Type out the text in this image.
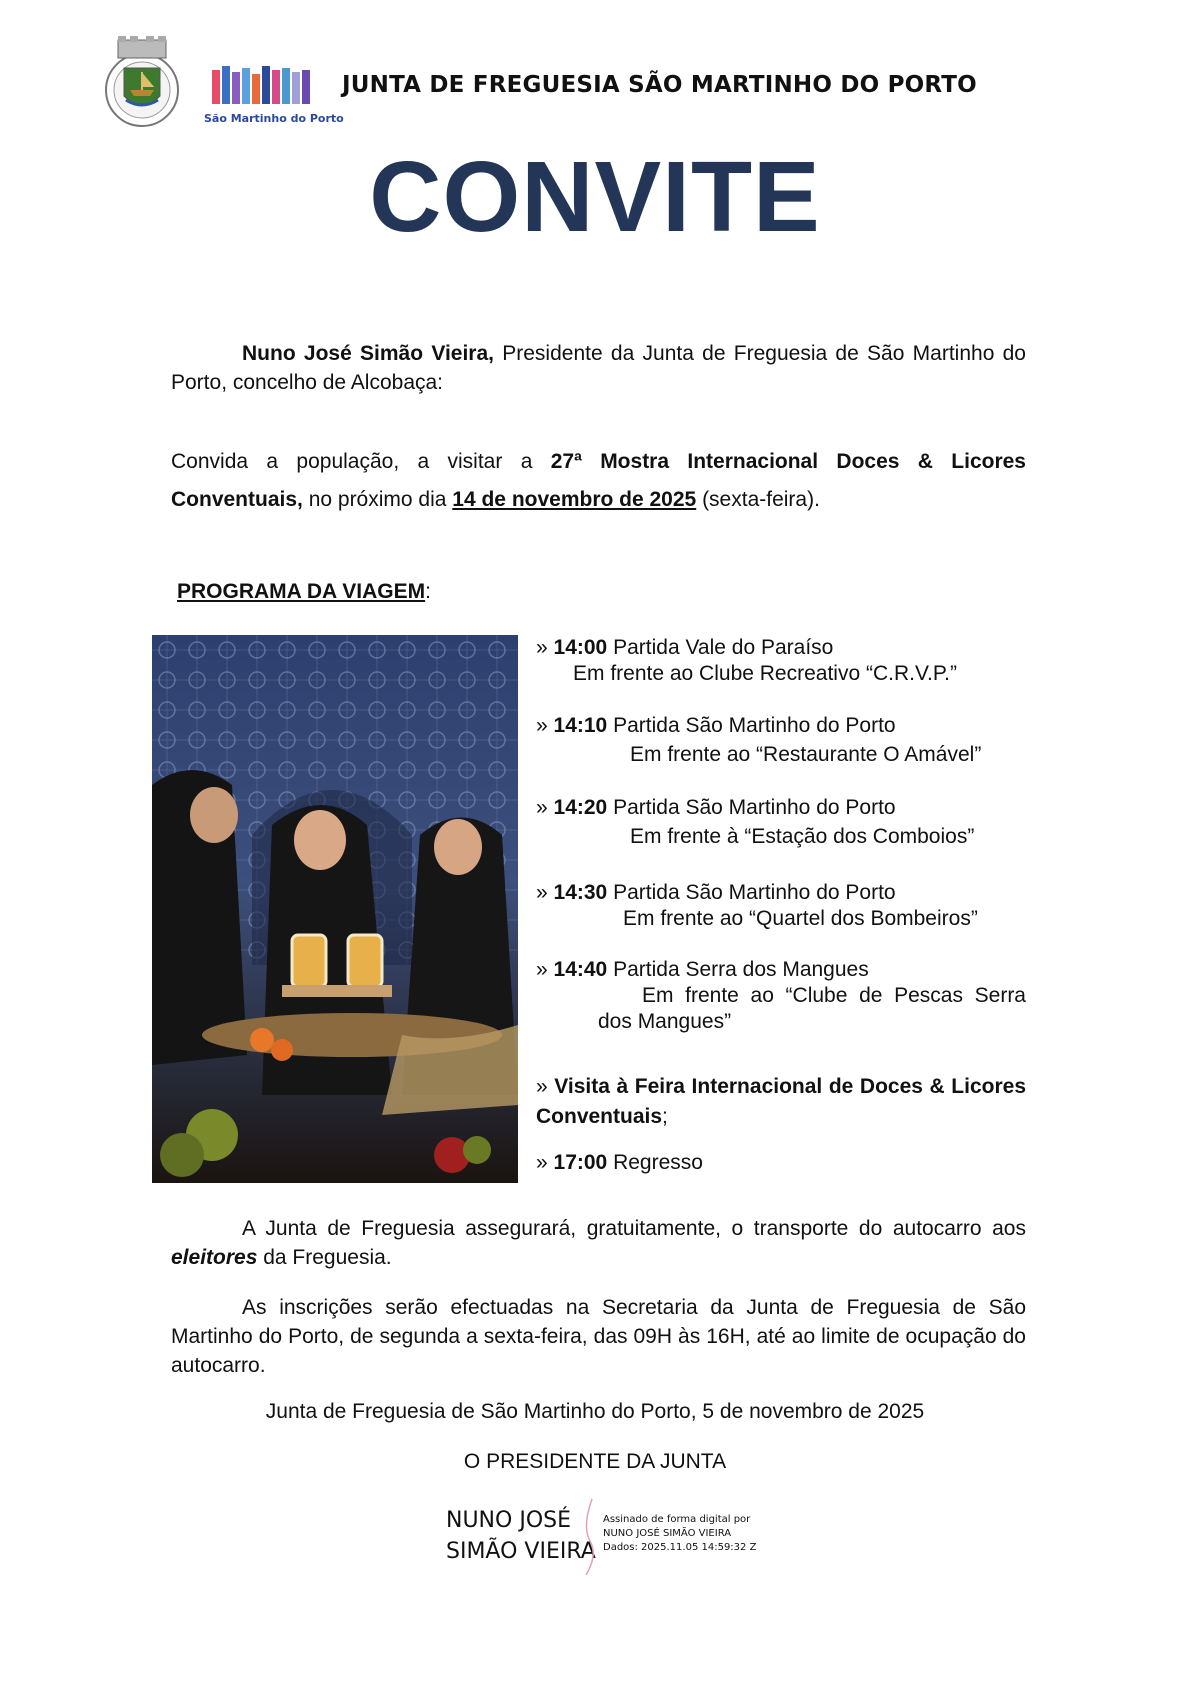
São Martinho do Porto
JUNTA DE FREGUESIA SÃO MARTINHO DO PORTO
CONVITE
Nuno José Simão Vieira, Presidente da Junta de Freguesia de São Martinho do Porto, concelho de Alcobaça:
Convida a população, a visitar a 27ª Mostra Internacional Doces & Licores Conventuais, no próximo dia 14 de novembro de 2025 (sexta-feira).
PROGRAMA DA VIAGEM:
» 14:00 Partida Vale do Paraíso
Em frente ao Clube Recreativo “C.R.V.P.”
» 14:10 Partida São Martinho do Porto
Em frente ao “Restaurante O Amável”
» 14:20 Partida São Martinho do Porto
Em frente à “Estação dos Comboios”
» 14:30 Partida São Martinho do Porto
Em frente ao “Quartel dos Bombeiros”
» 14:40 Partida Serra dos Mangues
Em frente ao “Clube de Pescas Serra dos Mangues”
» Visita à Feira Internacional de Doces & Licores Conventuais;
» 17:00 Regresso
A Junta de Freguesia assegurará, gratuitamente, o transporte do autocarro aos eleitores da Freguesia.
As inscrições serão efectuadas na Secretaria da Junta de Freguesia de São Martinho do Porto, de segunda a sexta-feira, das 09H às 16H, até ao limite de ocupação do autocarro.
Junta de Freguesia de São Martinho do Porto, 5 de novembro de 2025
O PRESIDENTE DA JUNTA
NUNO JOSÉ
SIMÃO VIEIRA
Assinado de forma digital por
NUNO JOSÉ SIMÃO VIEIRA
Dados: 2025.11.05 14:59:32 Z
